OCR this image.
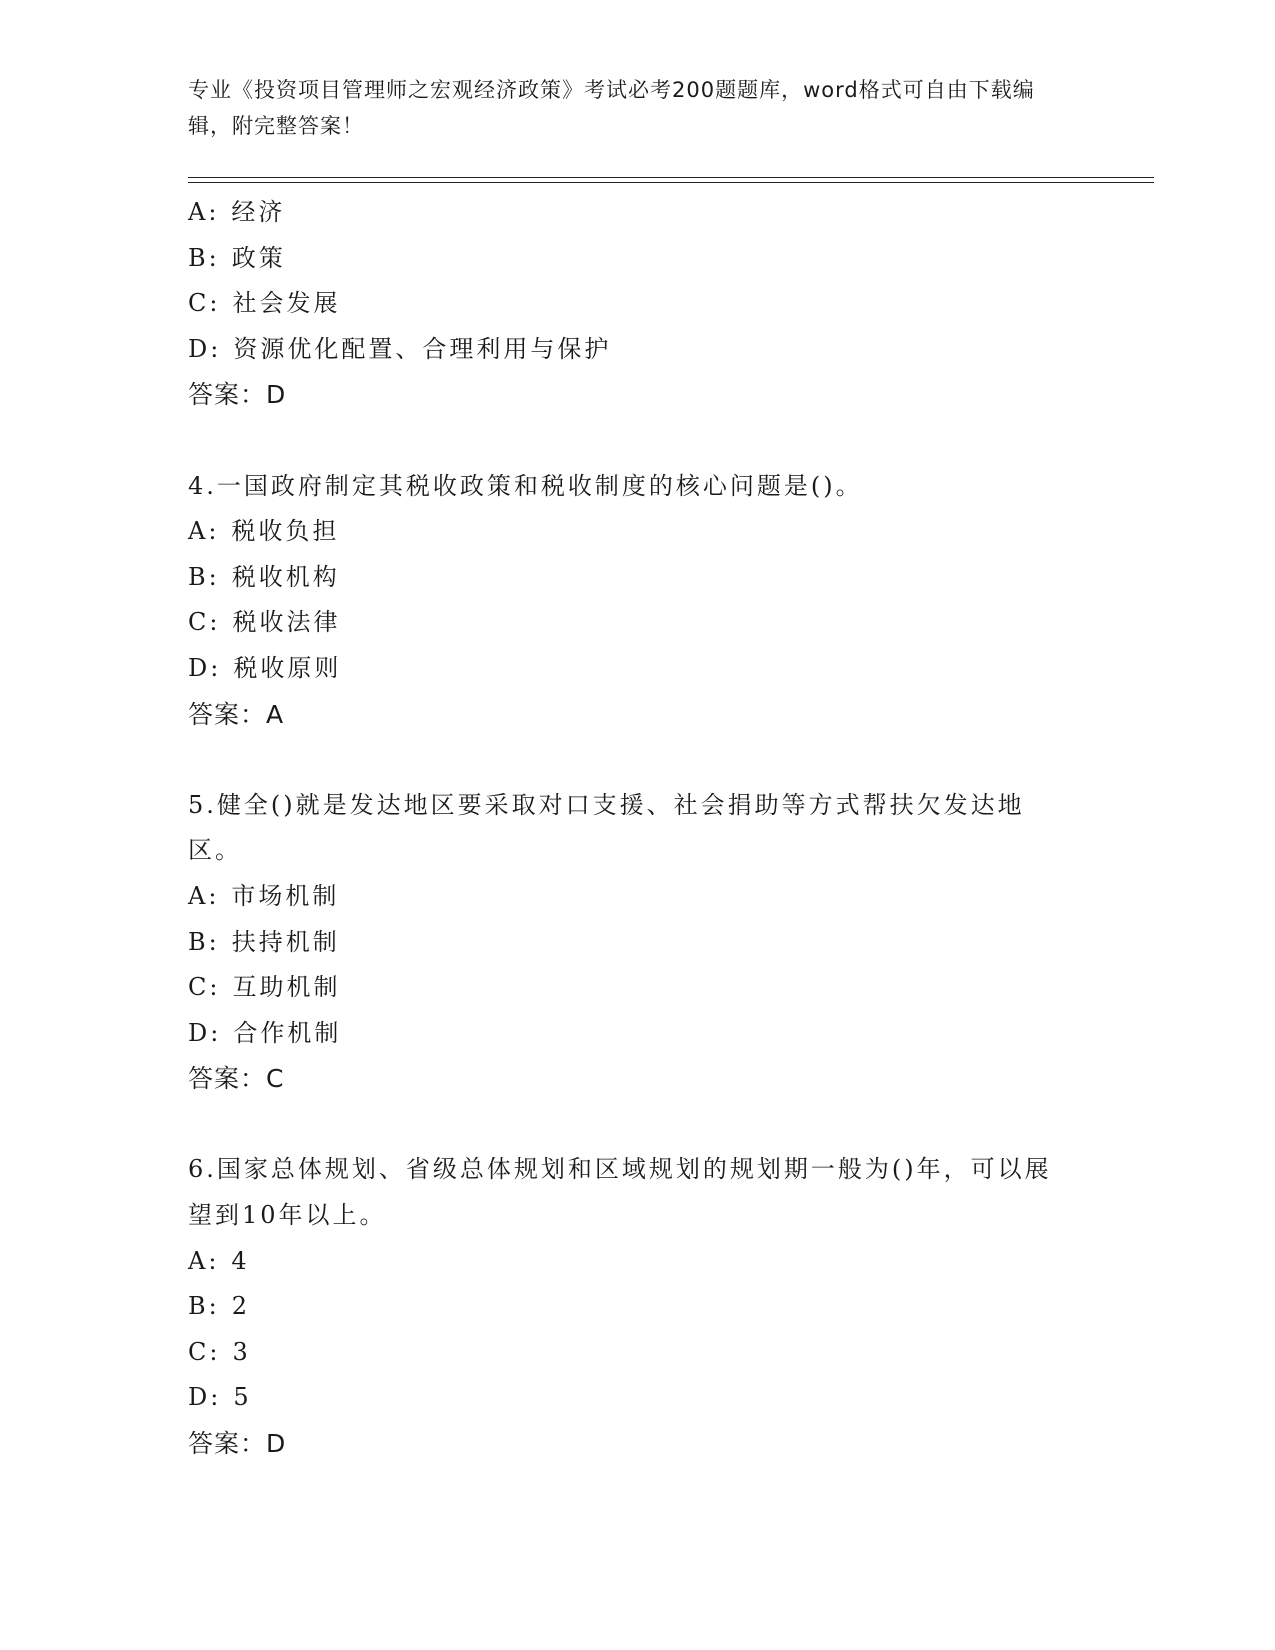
专业《投资项目管理师之宏观经济政策》考试必考200题题库，word格式可自由下载编辑，附完整答案！
A: 经济
B: 政策
C: 社会发展
D: 资源优化配置、合理利用与保护
答案：D
4.一国政府制定其税收政策和税收制度的核心问题是()。
A: 税收负担
B: 税收机构
C: 税收法律
D: 税收原则
答案：A
5.健全()就是发达地区要采取对口支援、社会捐助等方式帮扶欠发达地区。
A: 市场机制
B: 扶持机制
C: 互助机制
D: 合作机制
答案：C
6.国家总体规划、省级总体规划和区域规划的规划期一般为()年，可以展望到10年以上。
A: 4
B: 2
C: 3
D: 5
答案：D
